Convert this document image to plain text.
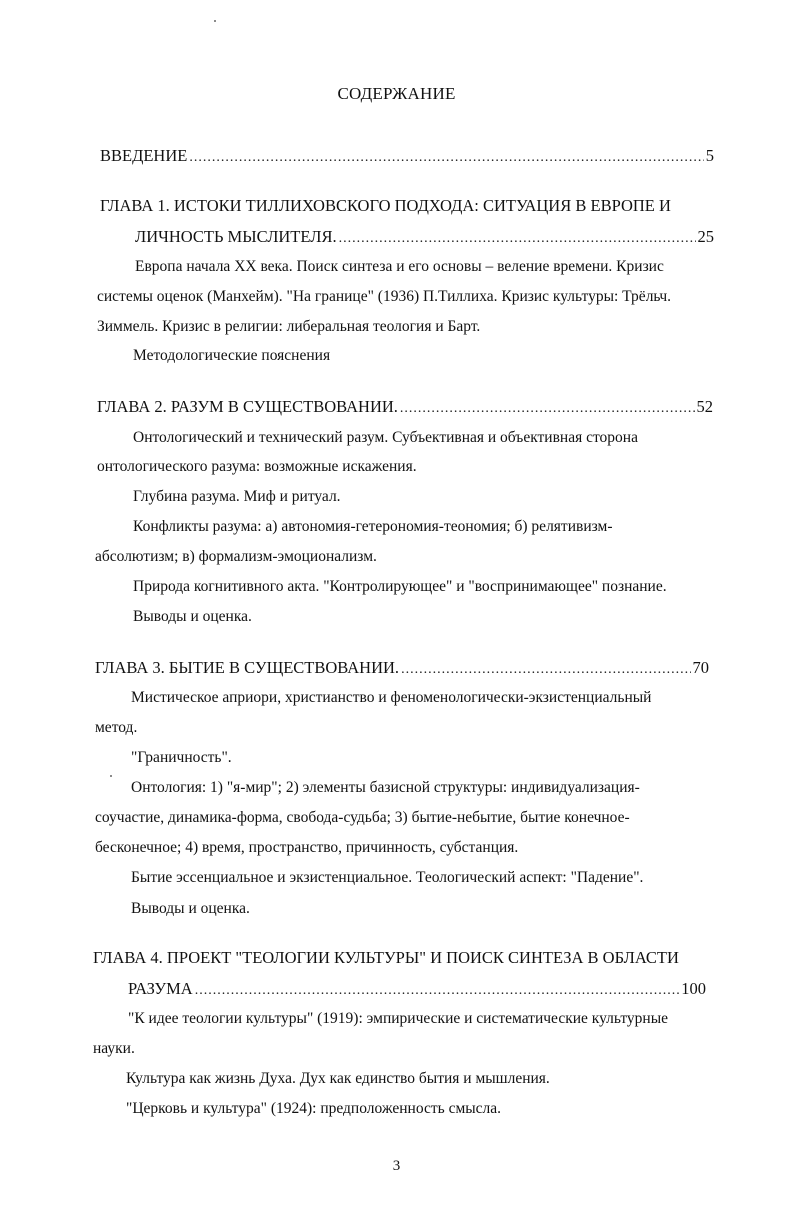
СОДЕРЖАНИЕ
ВВЕДЕНИЕ .....	5
ГЛАВА 1. ИСТОКИ ТИЛЛИХОВСКОГО ПОДХОДА: СИТУАЦИЯ В ЕВРОПЕ И
ЛИЧНОСТЬ МЫСЛИТЕЛЯ. .....	25
Европа начала XX века. Поиск синтеза и его основы – веление времени. Кризис
системы оценок (Манхейм). "На границе" (1936) П.Тиллиха. Кризис культуры: Трёльч.
Зиммель. Кризис в религии: либеральная теология и Барт.
Методологические пояснения
ГЛАВА 2. РАЗУМ В СУЩЕСТВОВАНИИ. .....	52
Онтологический и технический разум. Субъективная и объективная сторона
онтологического разума: возможные искажения.
Глубина разума. Миф и ритуал.
Конфликты разума: а) автономия-гетерономия-теономия; б) релятивизм-
абсолютизм; в) формализм-эмоционализм.
Природа когнитивного акта. "Контролирующее" и "воспринимающее" познание.
Выводы и оценка.
ГЛАВА 3. БЫТИЕ В СУЩЕСТВОВАНИИ. .....	70
Мистическое априори, христианство и феноменологически-экзистенциальный
метод.
"Граничность".
Онтология: 1) "я-мир"; 2) элементы базисной структуры: индивидуализация-
соучастие, динамика-форма, свобода-судьба; 3) бытие-небытие, бытие конечное-
бесконечное; 4) время, пространство, причинность, субстанция.
Бытие эссенциальное и экзистенциальное. Теологический аспект: "Падение".
Выводы и оценка.
ГЛАВА 4. ПРОЕКТ "ТЕОЛОГИИ КУЛЬТУРЫ" И ПОИСК СИНТЕЗА В ОБЛАСТИ
РАЗУМА .....	100
"К идее теологии культуры" (1919): эмпирические и систематические культурные
науки.
Культура как жизнь Духа. Дух как единство бытия и мышления.
"Церковь и культура" (1924): предположенность смысла.
3
